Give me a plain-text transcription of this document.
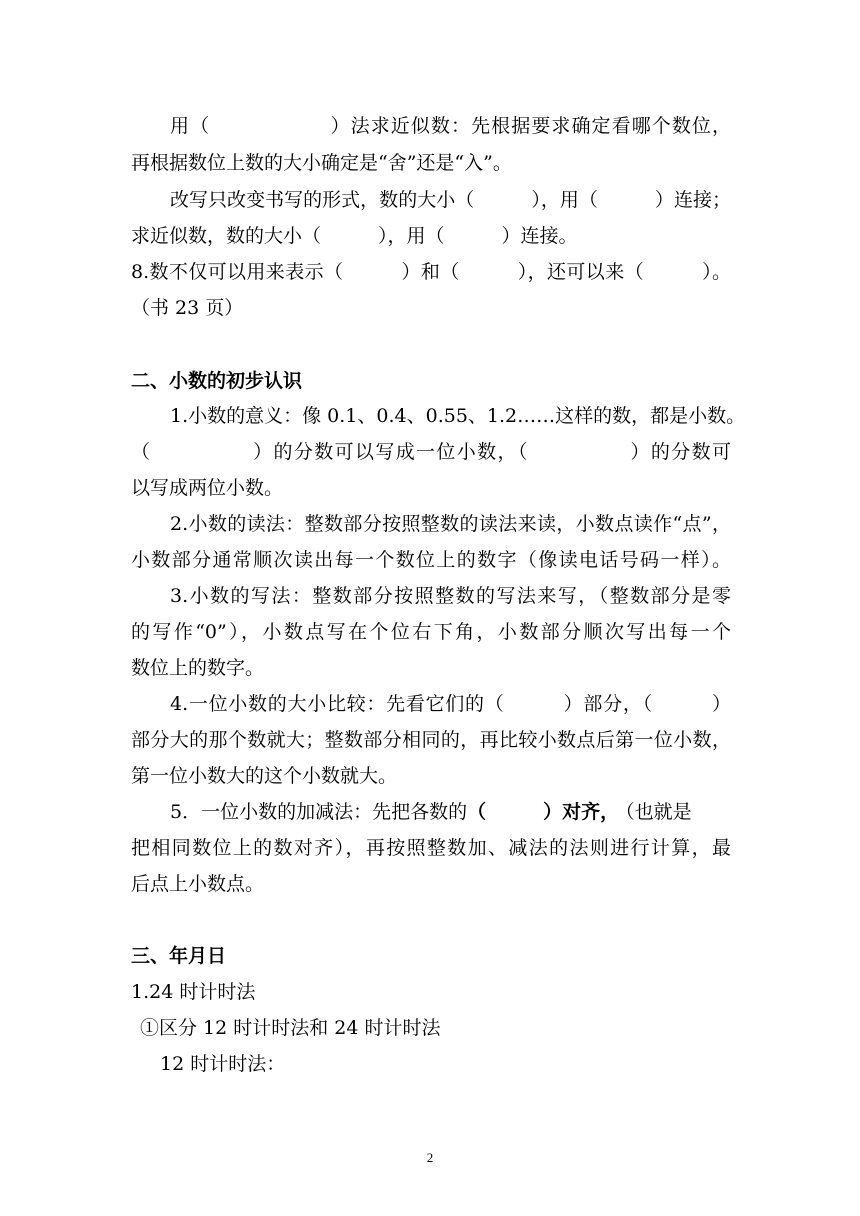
用（　　　　　　）法求近似数：先根据要求确定看哪个数位，
再根据数位上数的大小确定是“舍”还是“入”。
改写只改变书写的形式，数的大小（　　　），用（　　　）连接；
求近似数，数的大小（　　　），用（　　　）连接。
8.数不仅可以用来表示（　　　）和（　　　），还可以来（　　　）。
（书 23 页）
二、小数的初步认识
1.小数的意义：像 0.1、0.4、0.55、1.2……这样的数，都是小数。
（　　　　　）的分数可以写成一位小数，（　　　　　）的分数可
以写成两位小数。
2.小数的读法：整数部分按照整数的读法来读，小数点读作“点”，
小数部分通常顺次读出每一个数位上的数字（像读电话号码一样）。
3.小数的写法：整数部分按照整数的写法来写，（整数部分是零
的写作“0”），小数点写在个位右下角，小数部分顺次写出每一个
数位上的数字。
4.一位小数的大小比较：先看它们的（　　　）部分，（　　　）
部分大的那个数就大；整数部分相同的，再比较小数点后第一位小数，
第一位小数大的这个小数就大。
5．一位小数的加减法：先把各数的（　　　）对齐， （也就是
把相同数位上的数对齐），再按照整数加、减法的法则进行计算，最
后点上小数点。
三、年月日
1.24 时计时法
①区分 12 时计时法和 24 时计时法
12 时计时法：
2
